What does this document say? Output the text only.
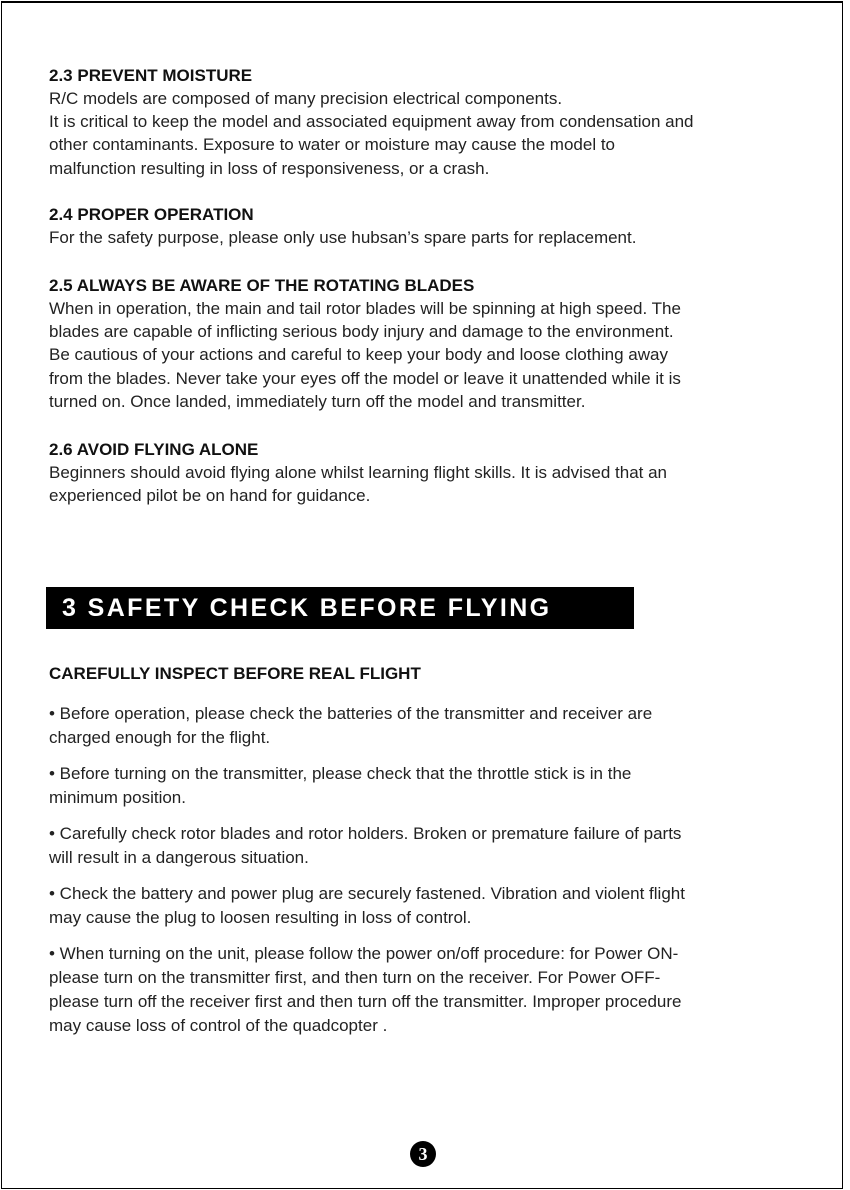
2.3 PREVENT MOISTURE

R/C models are composed of many precision electrical components.

It is critical to keep the model and associated equipment away from condensation and

other contaminants. Exposure to water or moisture may cause the model to

malfunction resulting in loss of responsiveness, or a crash.

2.4 PROPER OPERATION

For the safety purpose, please only use hubsan’s spare parts for replacement.

2.5 ALWAYS BE AWARE OF THE ROTATING BLADES

When in operation, the main and tail rotor blades will be spinning at high speed. The

blades are capable of inflicting serious body injury and damage to the environment.

Be cautious of your actions and careful to keep your body and loose clothing away

from the blades. Never take your eyes off the model or leave it unattended while it is

turned on. Once landed, immediately turn off the model and transmitter.

2.6 AVOID FLYING ALONE

Beginners should avoid flying alone whilst learning flight skills. It is advised that an

experienced pilot be on hand for guidance.

3 SAFETY CHECK BEFORE FLYING

CAREFULLY INSPECT BEFORE REAL FLIGHT

• Before operation, please check the batteries of the transmitter and receiver are
charged enough for the flight.
• Before turning on the transmitter, please check that the throttle stick is in the
minimum position.
• Carefully check rotor blades and rotor holders. Broken or premature failure of parts
will result in a dangerous situation.
• Check the battery and power plug are securely fastened. Vibration and violent flight
may cause the plug to loosen resulting in loss of control.
• When turning on the unit, please follow the power on/off procedure: for Power ON-
please turn on the transmitter first, and then turn on the receiver. For Power OFF-
please turn off the receiver first and then turn off the transmitter. Improper procedure
may cause loss of control of the quadcopter .
3
